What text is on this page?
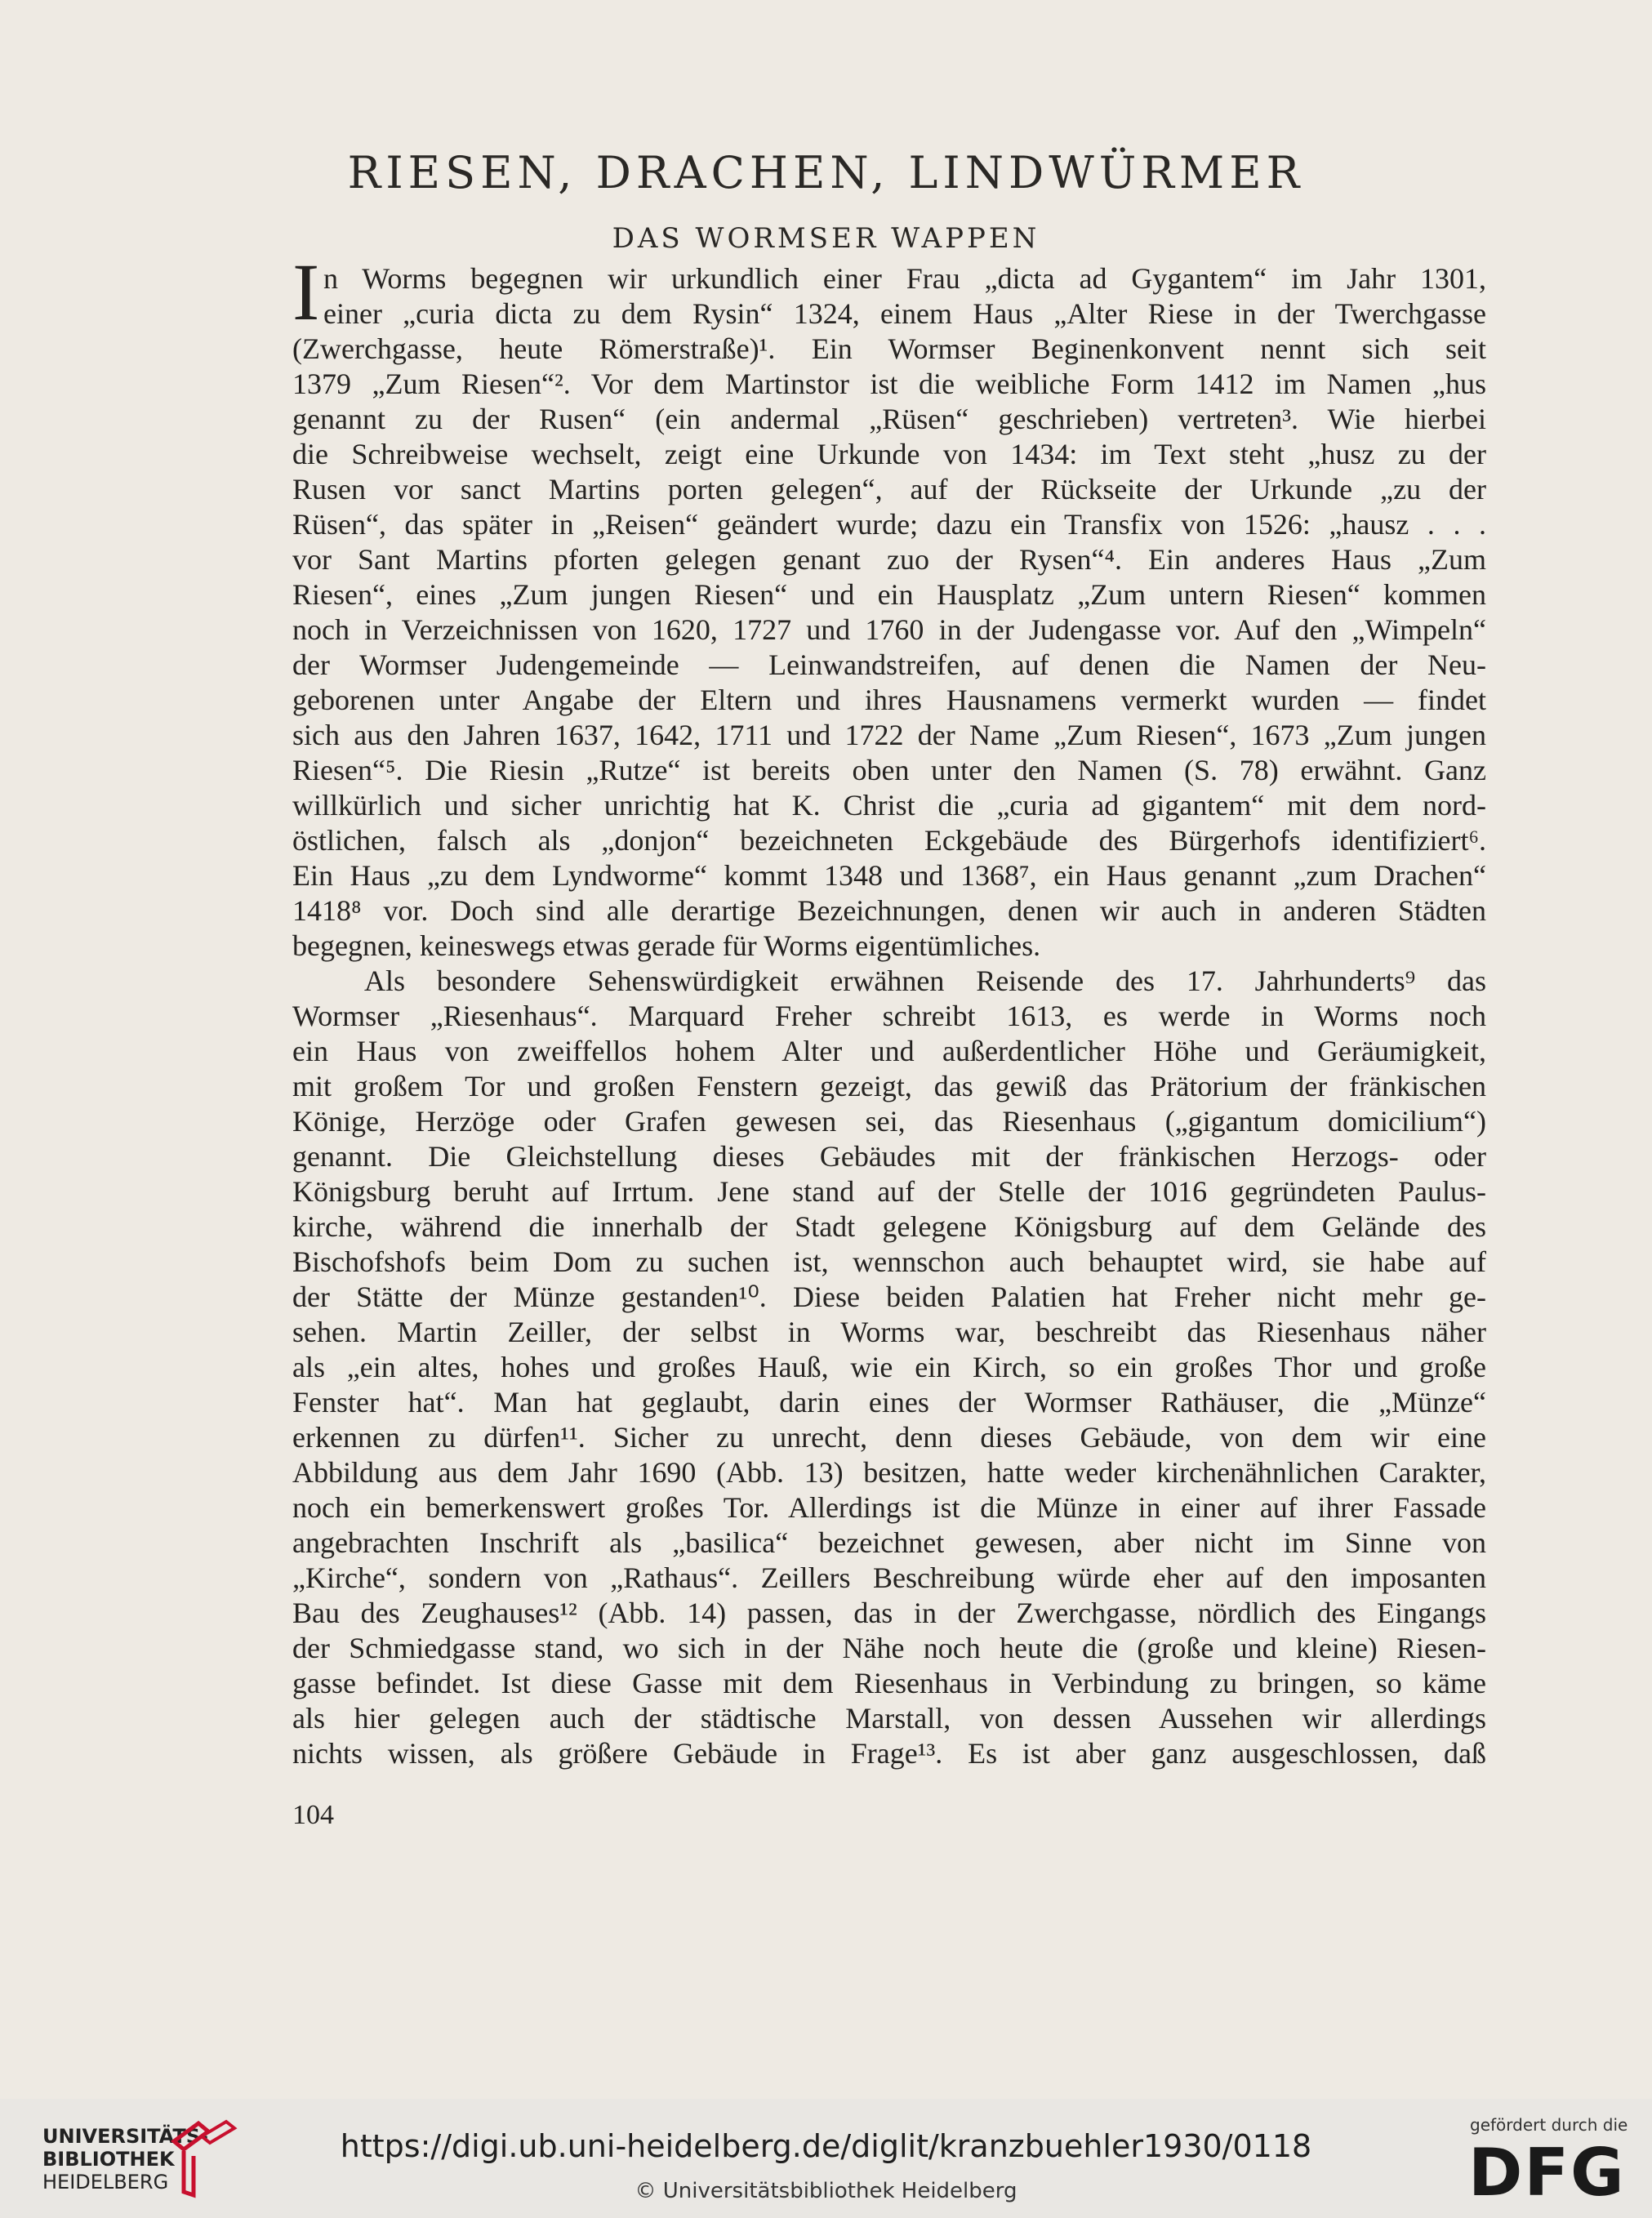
RIESEN, DRACHEN, LINDWÜRMER
DAS WORMSER WAPPEN
I n Worms begegnen wir urkundlich einer Frau „dicta ad Gygantem“ im Jahr 1301,
einer „curia dicta zu dem Rysin“ 1324, einem Haus „Alter Riese in der Twerchgasse
(Zwerchgasse, heute Römerstraße)¹. Ein Wormser Beginenkonvent nennt sich seit
1379 „Zum Riesen“². Vor dem Martinstor ist die weibliche Form 1412 im Namen „hus
genannt zu der Rusen“ (ein andermal „Rüsen“ geschrieben) vertreten³. Wie hierbei
die Schreibweise wechselt, zeigt eine Urkunde von 1434: im Text steht „husz zu der
Rusen vor sanct Martins porten gelegen“, auf der Rückseite der Urkunde „zu der
Rüsen“, das später in „Reisen“ geändert wurde; dazu ein Transfix von 1526: „hausz . . .
vor Sant Martins pforten gelegen genant zuo der Rysen“⁴. Ein anderes Haus „Zum
Riesen“, eines „Zum jungen Riesen“ und ein Hausplatz „Zum untern Riesen“ kommen
noch in Verzeichnissen von 1620, 1727 und 1760 in der Judengasse vor. Auf den „Wimpeln“
der Wormser Judengemeinde — Leinwandstreifen, auf denen die Namen der Neu-
geborenen unter Angabe der Eltern und ihres Hausnamens vermerkt wurden — findet
sich aus den Jahren 1637, 1642, 1711 und 1722 der Name „Zum Riesen“, 1673 „Zum jungen
Riesen“⁵. Die Riesin „Rutze“ ist bereits oben unter den Namen (S. 78) erwähnt. Ganz
willkürlich und sicher unrichtig hat K. Christ die „curia ad gigantem“ mit dem nord-
östlichen, falsch als „donjon“ bezeichneten Eckgebäude des Bürgerhofs identifiziert⁶.
Ein Haus „zu dem Lyndworme“ kommt 1348 und 1368⁷, ein Haus genannt „zum Drachen“
1418⁸ vor. Doch sind alle derartige Bezeichnungen, denen wir auch in anderen Städten
begegnen, keineswegs etwas gerade für Worms eigentümliches.
Als besondere Sehenswürdigkeit erwähnen Reisende des 17. Jahrhunderts⁹ das
Wormser „Riesenhaus“. Marquard Freher schreibt 1613, es werde in Worms noch
ein Haus von zweiffellos hohem Alter und außerdentlicher Höhe und Geräumigkeit,
mit großem Tor und großen Fenstern gezeigt, das gewiß das Prätorium der fränkischen
Könige, Herzöge oder Grafen gewesen sei, das Riesenhaus („gigantum domicilium“)
genannt. Die Gleichstellung dieses Gebäudes mit der fränkischen Herzogs- oder
Königsburg beruht auf Irrtum. Jene stand auf der Stelle der 1016 gegründeten Paulus-
kirche, während die innerhalb der Stadt gelegene Königsburg auf dem Gelände des
Bischofshofs beim Dom zu suchen ist, wennschon auch behauptet wird, sie habe auf
der Stätte der Münze gestanden¹⁰. Diese beiden Palatien hat Freher nicht mehr ge-
sehen. Martin Zeiller, der selbst in Worms war, beschreibt das Riesenhaus näher
als „ein altes, hohes und großes Hauß, wie ein Kirch, so ein großes Thor und große
Fenster hat“. Man hat geglaubt, darin eines der Wormser Rathäuser, die „Münze“
erkennen zu dürfen¹¹. Sicher zu unrecht, denn dieses Gebäude, von dem wir eine
Abbildung aus dem Jahr 1690 (Abb. 13) besitzen, hatte weder kirchenähnlichen Carakter,
noch ein bemerkenswert großes Tor. Allerdings ist die Münze in einer auf ihrer Fassade
angebrachten Inschrift als „basilica“ bezeichnet gewesen, aber nicht im Sinne von
„Kirche“, sondern von „Rathaus“. Zeillers Beschreibung würde eher auf den imposanten
Bau des Zeughauses¹² (Abb. 14) passen, das in der Zwerchgasse, nördlich des Eingangs
der Schmiedgasse stand, wo sich in der Nähe noch heute die (große und kleine) Riesen-
gasse befindet. Ist diese Gasse mit dem Riesenhaus in Verbindung zu bringen, so käme
als hier gelegen auch der städtische Marstall, von dessen Aussehen wir allerdings
nichts wissen, als größere Gebäude in Frage¹³. Es ist aber ganz ausgeschlossen, daß
104
UNIVERSITÄTS-
BIBLIOTHEK
HEIDELBERG
https://digi.ub.uni-heidelberg.de/diglit/kranzbuehler1930/0118
© Universitätsbibliothek Heidelberg
gefördert durch die
DFG
